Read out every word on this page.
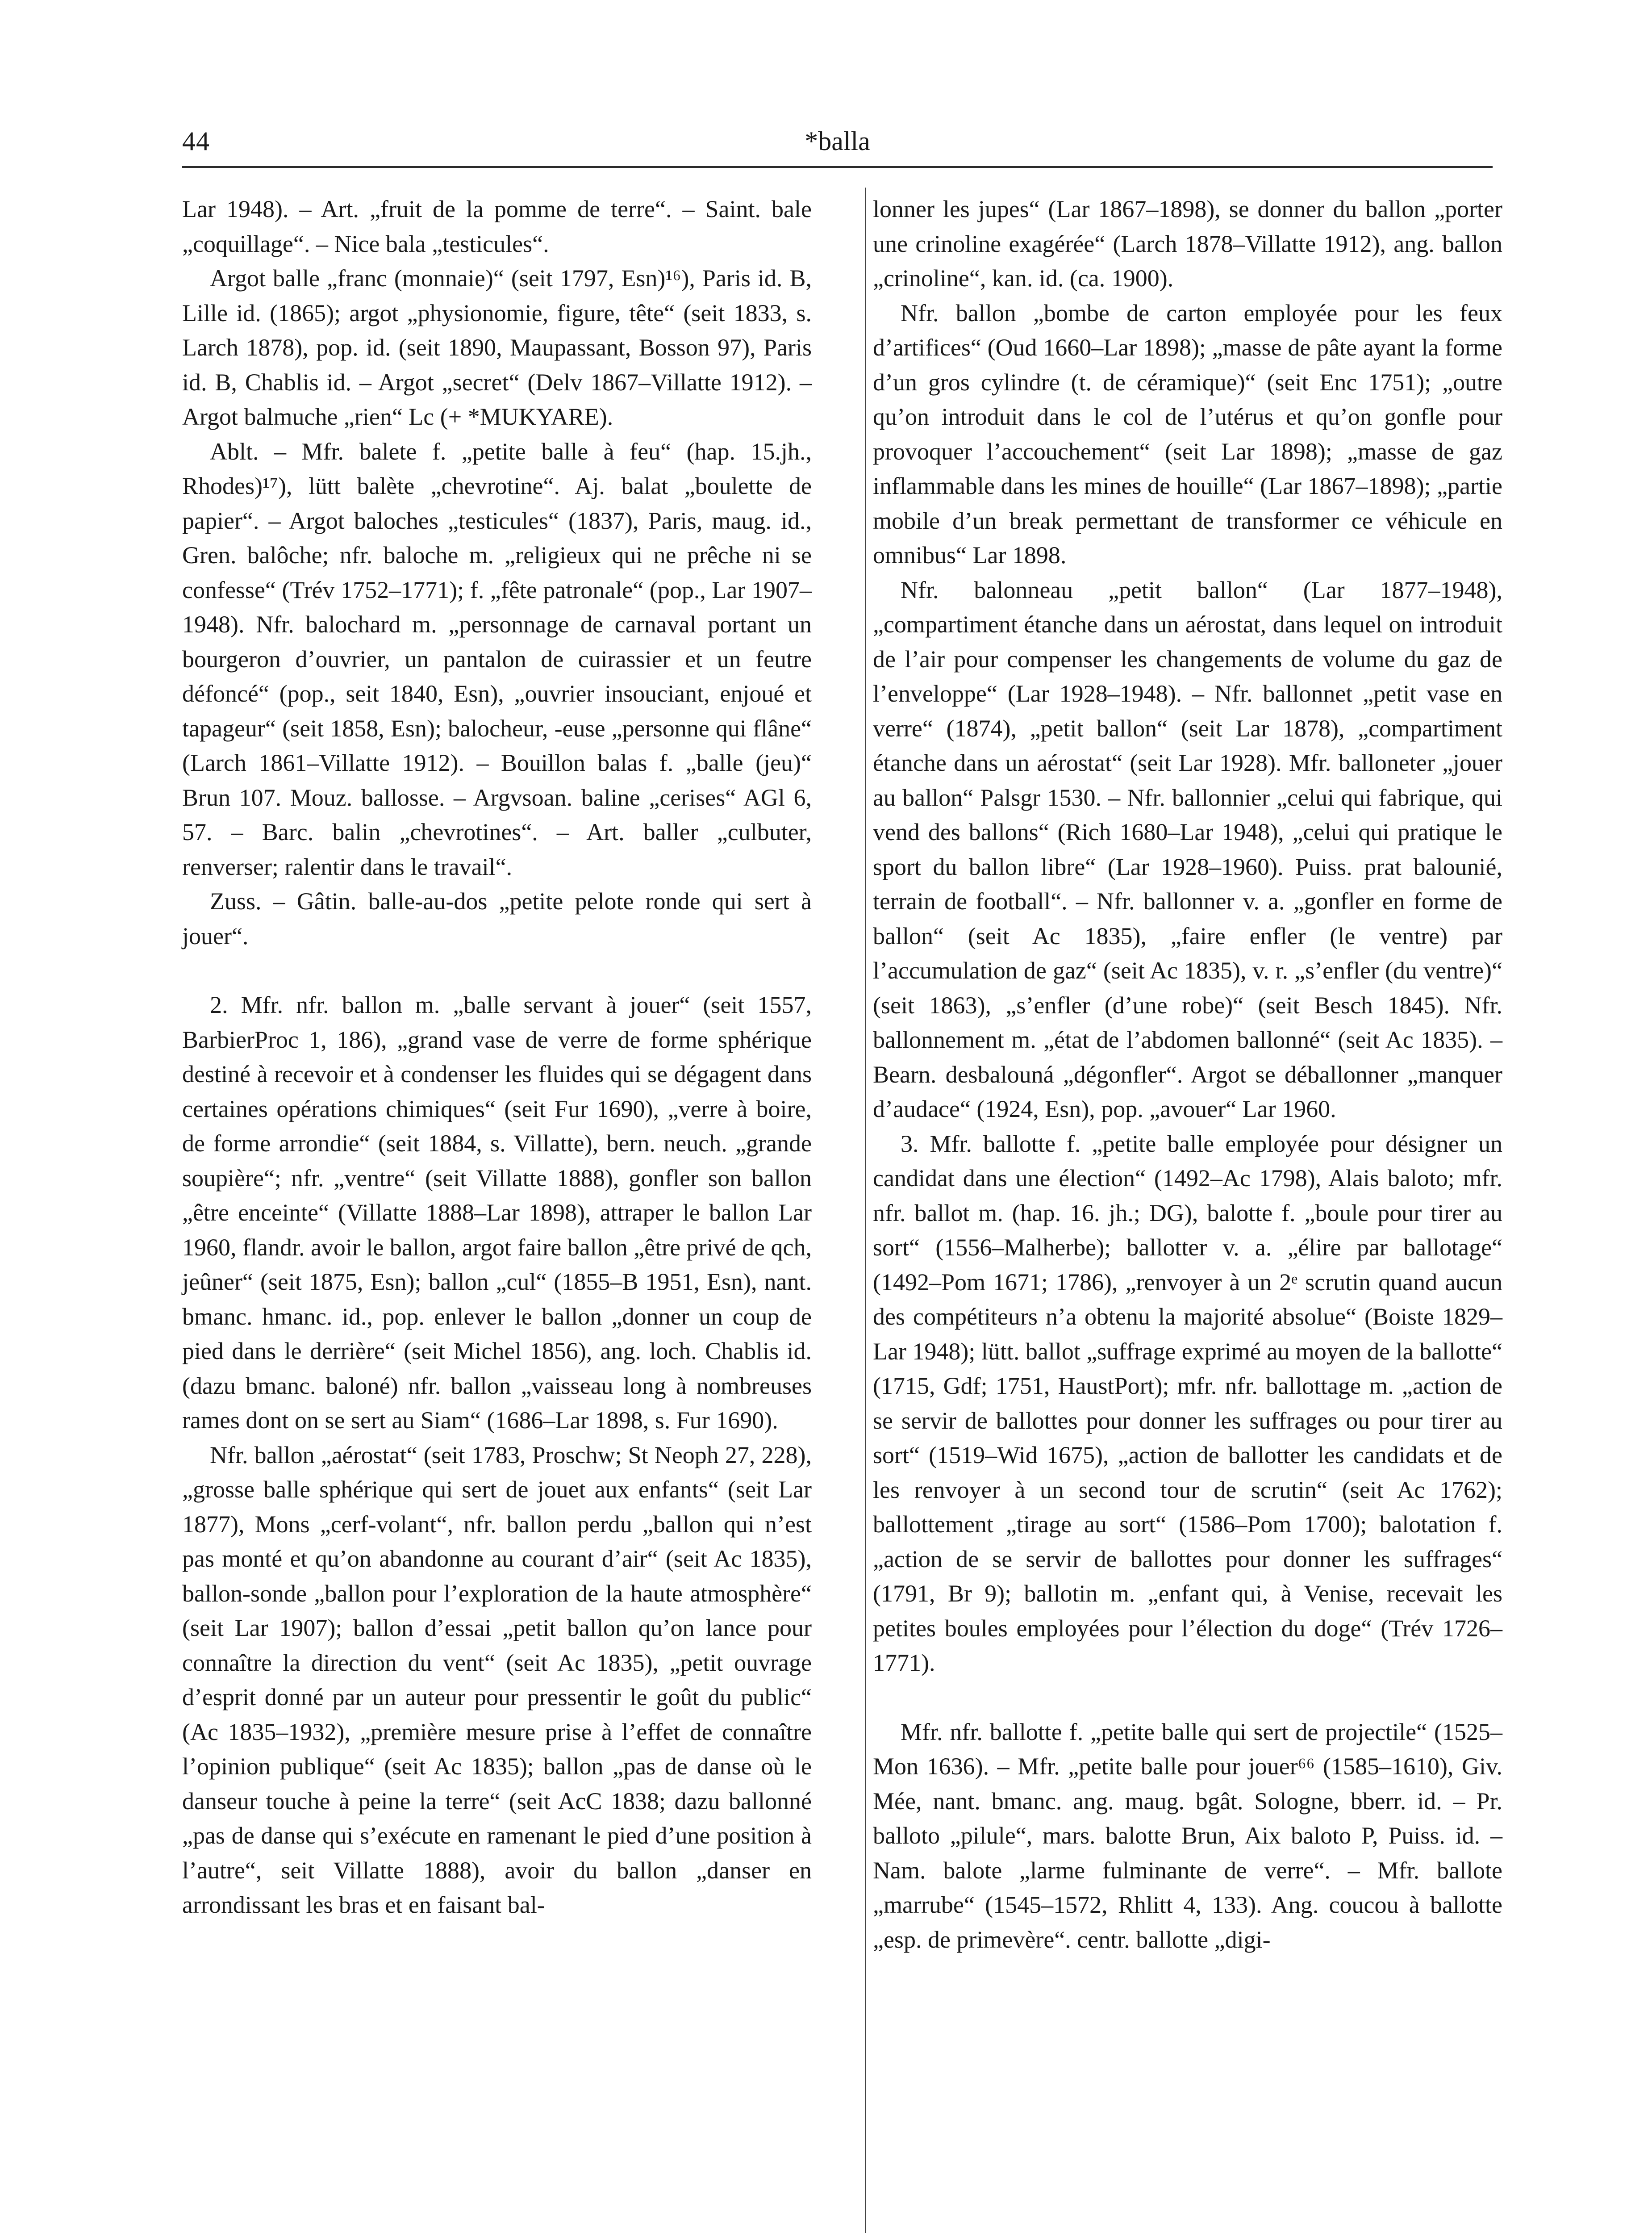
44	*balla

Lar 1948). – Art. „fruit de la pomme de terre“. – Saint. bale „coquillage“. – Nice bala „testicules“.

Argot balle „franc (monnaie)“ (seit 1797, Esn)¹⁶), Paris id. B, Lille id. (1865); argot „physionomie, figure, tête“ (seit 1833, s. Larch 1878), pop. id. (seit 1890, Maupassant, Bosson 97), Paris id. B, Chablis id. – Argot „secret“ (Delv 1867–Villatte 1912). – Argot balmuche „rien“ Lc (+ *MUKYARE).

Ablt. – Mfr. balete f. „petite balle à feu“ (hap. 15.jh., Rhodes)¹⁷), lütt balète „chevrotine“. Aj. balat „boulette de papier“. – Argot baloches „testicules“ (1837), Paris, maug. id., Gren. balôche; nfr. baloche m. „religieux qui ne prêche ni se confesse“ (Trév 1752–1771); f. „fête patronale“ (pop., Lar 1907–1948). Nfr. balochard m. „personnage de carnaval portant un bourgeron d’ouvrier, un pantalon de cuirassier et un feutre défoncé“ (pop., seit 1840, Esn), „ouvrier insouciant, enjoué et tapageur“ (seit 1858, Esn); balocheur, -euse „personne qui flâne“ (Larch 1861–Villatte 1912). – Bouillon balas f. „balle (jeu)“ Brun 107. Mouz. ballosse. – Argvsoan. baline „cerises“ AGl 6, 57. – Barc. balin „chevrotines“. – Art. baller „culbuter, renverser; ralentir dans le travail“.

Zuss. – Gâtin. balle-au-dos „petite pelote ronde qui sert à jouer“.

2. Mfr. nfr. ballon m. „balle servant à jouer“ (seit 1557, BarbierProc 1, 186), „grand vase de verre de forme sphérique destiné à recevoir et à condenser les fluides qui se dégagent dans certaines opérations chimiques“ (seit Fur 1690), „verre à boire, de forme arrondie“ (seit 1884, s. Villatte), bern. neuch. „grande soupière“; nfr. „ventre“ (seit Villatte 1888), gonfler son ballon „être enceinte“ (Villatte 1888–Lar 1898), attraper le ballon Lar 1960, flandr. avoir le ballon, argot faire ballon „être privé de qch, jeûner“ (seit 1875, Esn); ballon „cul“ (1855–B 1951, Esn), nant. bmanc. hmanc. id., pop. enlever le ballon „donner un coup de pied dans le derrière“ (seit Michel 1856), ang. loch. Chablis id. (dazu bmanc. baloné) nfr. ballon „vaisseau long à nombreuses rames dont on se sert au Siam“ (1686–Lar 1898, s. Fur 1690).

Nfr. ballon „aérostat“ (seit 1783, Proschw; St Neoph 27, 228), „grosse balle sphérique qui sert de jouet aux enfants“ (seit Lar 1877), Mons „cerf-volant“, nfr. ballon perdu „ballon qui n’est pas monté et qu’on abandonne au courant d’air“ (seit Ac 1835), ballon-sonde „ballon pour l’exploration de la haute atmosphère“ (seit Lar 1907); ballon d’essai „petit ballon qu’on lance pour connaître la direction du vent“ (seit Ac 1835), „petit ouvrage d’esprit donné par un auteur pour pressentir le goût du public“ (Ac 1835–1932), „première mesure prise à l’effet de connaître l’opinion publique“ (seit Ac 1835); ballon „pas de danse où le danseur touche à peine la terre“ (seit AcC 1838; dazu ballonné „pas de danse qui s’exécute en ramenant le pied d’une position à l’autre“, seit Villatte 1888), avoir du ballon „danser en arrondissant les bras et en faisant bal-

lonner les jupes“ (Lar 1867–1898), se donner du ballon „porter une crinoline exagérée“ (Larch 1878–Villatte 1912), ang. ballon „crinoline“, kan. id. (ca. 1900).

Nfr. ballon „bombe de carton employée pour les feux d’artifices“ (Oud 1660–Lar 1898); „masse de pâte ayant la forme d’un gros cylindre (t. de céramique)“ (seit Enc 1751); „outre qu’on introduit dans le col de l’utérus et qu’on gonfle pour provoquer l’accouchement“ (seit Lar 1898); „masse de gaz inflammable dans les mines de houille“ (Lar 1867–1898); „partie mobile d’un break permettant de transformer ce véhicule en omnibus“ Lar 1898.

Nfr. balonneau „petit ballon“ (Lar 1877–1948), „compartiment étanche dans un aérostat, dans lequel on introduit de l’air pour compenser les changements de volume du gaz de l’enveloppe“ (Lar 1928–1948). – Nfr. ballonnet „petit vase en verre“ (1874), „petit ballon“ (seit Lar 1878), „compartiment étanche dans un aérostat“ (seit Lar 1928). Mfr. balloneter „jouer au ballon“ Palsgr 1530. – Nfr. ballonnier „celui qui fabrique, qui vend des ballons“ (Rich 1680–Lar 1948), „celui qui pratique le sport du ballon libre“ (Lar 1928–1960). Puiss. prat balounié, terrain de football“. – Nfr. ballonner v. a. „gonfler en forme de ballon“ (seit Ac 1835), „faire enfler (le ventre) par l’accumulation de gaz“ (seit Ac 1835), v. r. „s’enfler (du ventre)“ (seit 1863), „s’enfler (d’une robe)“ (seit Besch 1845). Nfr. ballonnement m. „état de l’abdomen ballonné“ (seit Ac 1835). – Bearn. desbalouná „dégonfler“. Argot se déballonner „manquer d’audace“ (1924, Esn), pop. „avouer“ Lar 1960.

3. Mfr. ballotte f. „petite balle employée pour désigner un candidat dans une élection“ (1492–Ac 1798), Alais baloto; mfr. nfr. ballot m. (hap. 16. jh.; DG), balotte f. „boule pour tirer au sort“ (1556–Malherbe); ballotter v. a. „élire par ballotage“ (1492–Pom 1671; 1786), „renvoyer à un 2ᵉ scrutin quand aucun des compétiteurs n’a obtenu la majorité absolue“ (Boiste 1829–Lar 1948); lütt. ballot „suffrage exprimé au moyen de la ballotte“ (1715, Gdf; 1751, HaustPort); mfr. nfr. ballottage m. „action de se servir de ballottes pour donner les suffrages ou pour tirer au sort“ (1519–Wid 1675), „action de ballotter les candidats et de les renvoyer à un second tour de scrutin“ (seit Ac 1762); ballottement „tirage au sort“ (1586–Pom 1700); balotation f. „action de se servir de ballottes pour donner les suffrages“ (1791, Br 9); ballotin m. „enfant qui, à Venise, recevait les petites boules employées pour l’élection du doge“ (Trév 1726–1771).

Mfr. nfr. ballotte f. „petite balle qui sert de projectile“ (1525–Mon 1636). – Mfr. „petite balle pour jouer⁶⁶ (1585–1610), Giv. Mée, nant. bmanc. ang. maug. bgât. Sologne, bberr. id. – Pr. balloto „pilule“, mars. balotte Brun, Aix baloto P, Puiss. id. – Nam. balote „larme fulminante de verre“. – Mfr. ballote „marrube“ (1545–1572, Rhlitt 4, 133). Ang. coucou à ballotte „esp. de primevère“. centr. ballotte „digi-
